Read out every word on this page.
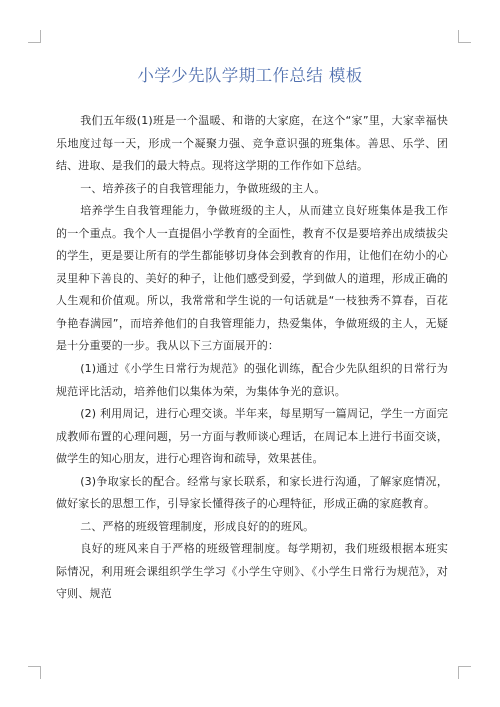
小学少先队学期工作总结 模板

我们五年级(1)班是一个温暖、和谐的大家庭，在这个“家”里，大家幸福快乐地度过每一天，形成一个凝聚力强、竞争意识强的班集体。善思、乐学、团结、进取、是我们的最大特点。现将这学期的工作作如下总结。

一、培养孩子的自我管理能力，争做班级的主人。

培养学生自我管理能力，争做班级的主人，从而建立良好班集体是我工作的一个重点。我个人一直提倡小学教育的全面性，教育不仅是要培养出成绩拔尖的学生，更是要让所有的学生都能够切身体会到教育的作用，让他们在幼小的心灵里种下善良的、美好的种子，让他们感受到爱，学到做人的道理，形成正确的人生观和价值观。所以，我常常和学生说的一句话就是“一枝独秀不算春，百花争艳春满园”，而培养他们的自我管理能力，热爱集体，争做班级的主人，无疑是十分重要的一步。我从以下三方面展开的：

(1)通过《小学生日常行为规范》的强化训练，配合少先队组织的日常行为规范评比活动，培养他们以集体为荣，为集体争光的意识。

(2) 利用周记，进行心理交谈。半年来，每星期写一篇周记，学生一方面完成教师布置的心理问题，另一方面与教师谈心理话，在周记本上进行书面交谈，做学生的知心朋友，进行心理咨询和疏导，效果甚佳。

(3)争取家长的配合。经常与家长联系，和家长进行沟通，了解家庭情况，做好家长的思想工作，引导家长懂得孩子的心理特征，形成正确的家庭教育。

二、严格的班级管理制度，形成良好的的班风。

良好的班风来自于严格的班级管理制度。每学期初，我们班级根据本班实际情况，利用班会课组织学生学习《小学生守则》、《小学生日常行为规范》，对守则、规范
